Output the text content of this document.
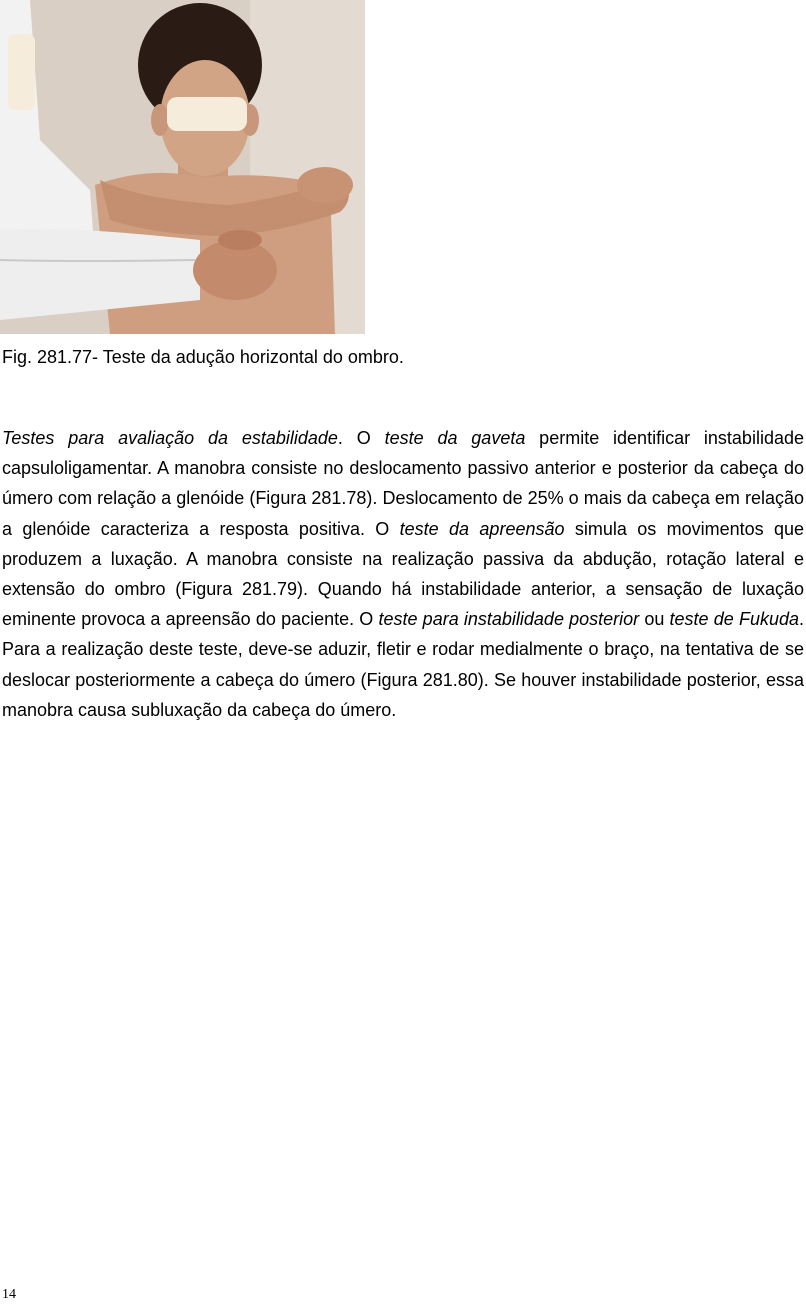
Fig. 281.77- Teste da adução horizontal do ombro.

Testes para avaliação da estabilidade. O teste da gaveta permite identificar instabilidade capsuloligamentar. A manobra consiste no deslocamento passivo anterior e posterior da cabeça do úmero com relação a glenóide (Figura 281.78). Deslocamento de 25% o mais da cabeça em relação a glenóide caracteriza a resposta positiva. O teste da apreensão simula os movimentos que produzem a luxação. A manobra consiste na realização passiva da abdução, rotação lateral e extensão do ombro (Figura 281.79). Quando há instabilidade anterior, a sensação de luxação eminente provoca a apreensão do paciente. O teste para instabilidade posterior ou teste de Fukuda. Para a realização deste teste, deve-se aduzir, fletir e rodar medialmente o braço, na tentativa de se deslocar posteriormente a cabeça do úmero (Figura 281.80). Se houver instabilidade posterior, essa manobra causa subluxação da cabeça do úmero.

14
